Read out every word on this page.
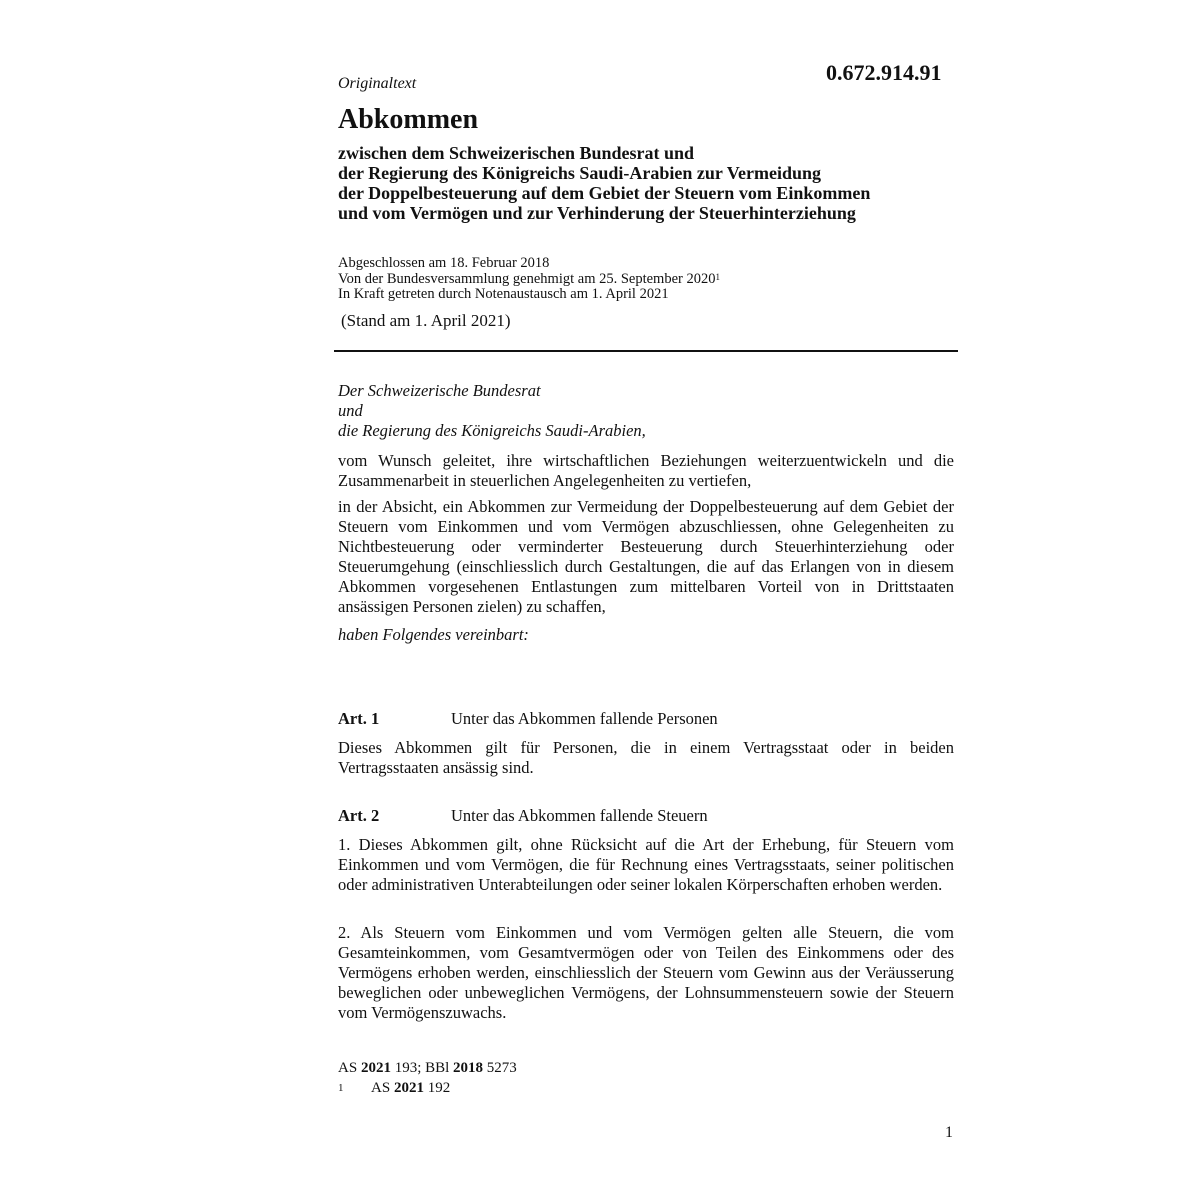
0.672.914.91
Originaltext
Abkommen
zwischen dem Schweizerischen Bundesrat und
der Regierung des Königreichs Saudi-Arabien zur Vermeidung
der Doppelbesteuerung auf dem Gebiet der Steuern vom Einkommen
und vom Vermögen und zur Verhinderung der Steuerhinterziehung
Abgeschlossen am 18. Februar 2018
Von der Bundesversammlung genehmigt am 25. September 2020$^1$
In Kraft getreten durch Notenaustausch am 1. April 2021
(Stand am 1. April 2021)
Der Schweizerische Bundesrat
und
die Regierung des Königreichs Saudi-Arabien,
vom Wunsch geleitet, ihre wirtschaftlichen Beziehungen weiterzuentwickeln und die Zusammenarbeit in steuerlichen Angelegenheiten zu vertiefen,
in der Absicht, ein Abkommen zur Vermeidung der Doppelbesteuerung auf dem Gebiet der Steuern vom Einkommen und vom Vermögen abzuschliessen, ohne Gelegenheiten zu Nichtbesteuerung oder verminderter Besteuerung durch Steuerhinterziehung oder Steuerumgehung (einschliesslich durch Gestaltungen, die auf das Erlangen von in diesem Abkommen vorgesehenen Entlastungen zum mittelbaren Vorteil von in Drittstaaten ansässigen Personen zielen) zu schaffen,
haben Folgendes vereinbart:
Art. 1	Unter das Abkommen fallende Personen
Dieses Abkommen gilt für Personen, die in einem Vertragsstaat oder in beiden Vertragsstaaten ansässig sind.
Art. 2	Unter das Abkommen fallende Steuern
1. Dieses Abkommen gilt, ohne Rücksicht auf die Art der Erhebung, für Steuern vom Einkommen und vom Vermögen, die für Rechnung eines Vertragsstaats, seiner politischen oder administrativen Unterabteilungen oder seiner lokalen Körperschaften erhoben werden.
2. Als Steuern vom Einkommen und vom Vermögen gelten alle Steuern, die vom Gesamteinkommen, vom Gesamtvermögen oder von Teilen des Einkommens oder des Vermögens erhoben werden, einschliesslich der Steuern vom Gewinn aus der Veräusserung beweglichen oder unbeweglichen Vermögens, der Lohnsummensteuern sowie der Steuern vom Vermögenszuwachs.
AS 2021 193; BBl 2018 5273
1 AS 2021 192
1
